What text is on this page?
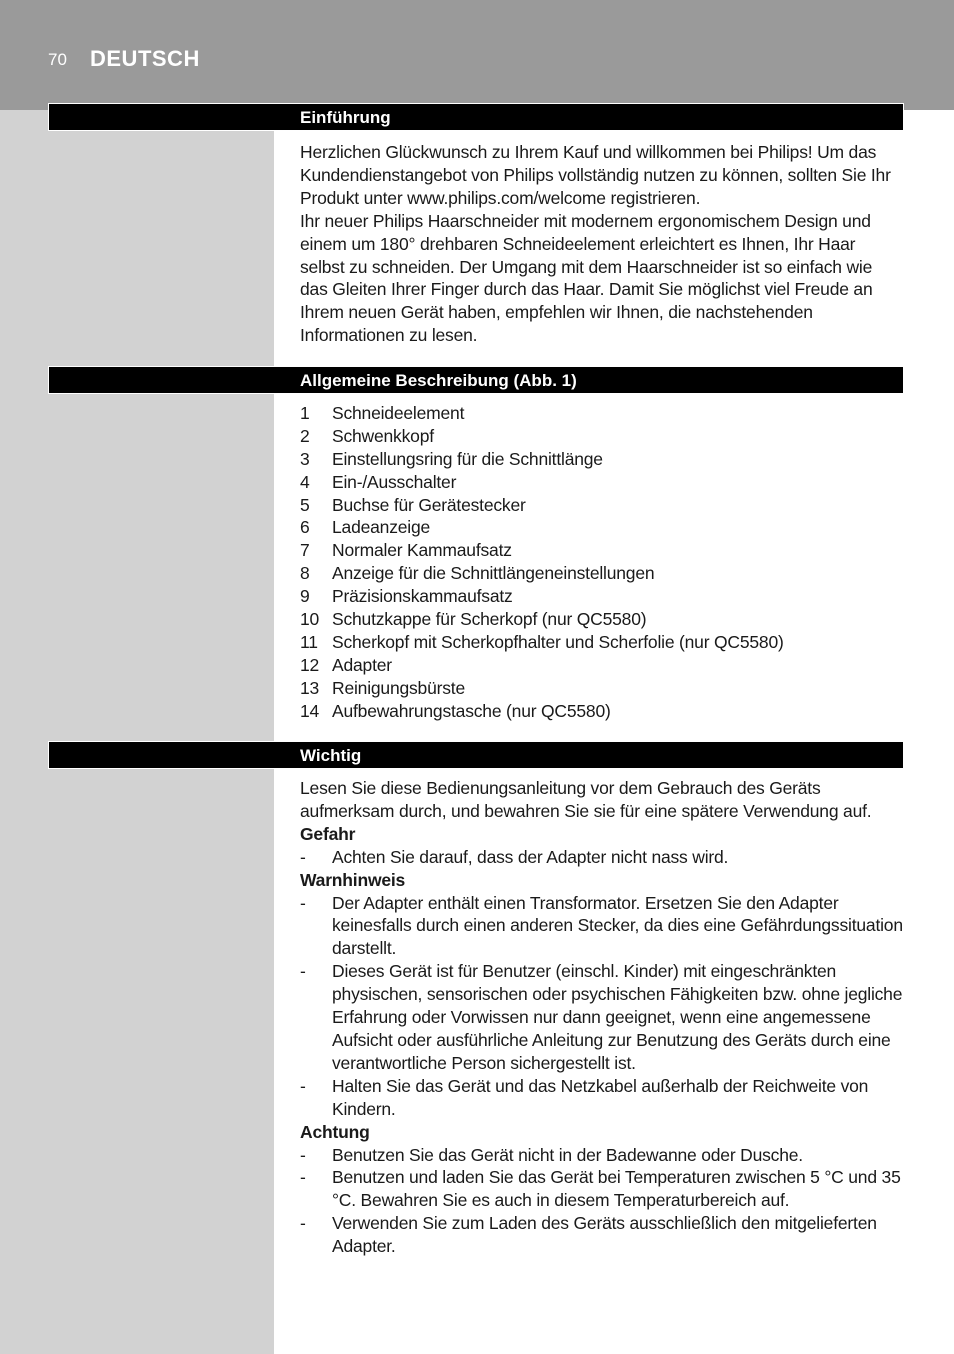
70 DEUTSCH
Einführung

Herzlichen Glückwunsch zu Ihrem Kauf und willkommen bei Philips! Um das Kundendienstangebot von Philips vollständig nutzen zu können, sollten Sie Ihr Produkt unter www.philips.com/welcome registrieren.

Ihr neuer Philips Haarschneider mit modernem ergonomischem Design und einem um 180° drehbaren Schneideelement erleichtert es Ihnen, Ihr Haar selbst zu schneiden. Der Umgang mit dem Haarschneider ist so einfach wie das Gleiten Ihrer Finger durch das Haar. Damit Sie möglichst viel Freude an Ihrem neuen Gerät haben, empfehlen wir Ihnen, die nachstehenden Informationen zu lesen.

Allgemeine Beschreibung (Abb. 1)
1 Schneideelement
2 Schwenkkopf
3 Einstellungsring für die Schnittlänge
4 Ein-/Ausschalter
5 Buchse für Gerätestecker
6 Ladeanzeige
7 Normaler Kammaufsatz
8 Anzeige für die Schnittlängeneinstellungen
9 Präzisionskammaufsatz
10 Schutzkappe für Scherkopf (nur QC5580)
11 Scherkopf mit Scherkopfhalter und Scherfolie (nur QC5580)
12 Adapter
13 Reinigungsbürste
14 Aufbewahrungstasche (nur QC5580)
Wichtig

Lesen Sie diese Bedienungsanleitung vor dem Gebrauch des Geräts aufmerksam durch, und bewahren Sie sie für eine spätere Verwendung auf.

Gefahr

- Achten Sie darauf, dass der Adapter nicht nass wird.

Warnhinweis

- Der Adapter enthält einen Transformator. Ersetzen Sie den Adapter keinesfalls durch einen anderen Stecker, da dies eine Gefährdungssituation darstellt.
- Dieses Gerät ist für Benutzer (einschl. Kinder) mit eingeschränkten physischen, sensorischen oder psychischen Fähigkeiten bzw. ohne jegliche Erfahrung oder Vorwissen nur dann geeignet, wenn eine angemessene Aufsicht oder ausführliche Anleitung zur Benutzung des Geräts durch eine verantwortliche Person sichergestellt ist.
- Halten Sie das Gerät und das Netzkabel außerhalb der Reichweite von Kindern.

Achtung

- Benutzen Sie das Gerät nicht in der Badewanne oder Dusche.
- Benutzen und laden Sie das Gerät bei Temperaturen zwischen 5 °C und 35 °C. Bewahren Sie es auch in diesem Temperaturbereich auf.
- Verwenden Sie zum Laden des Geräts ausschließlich den mitgelieferten Adapter.
